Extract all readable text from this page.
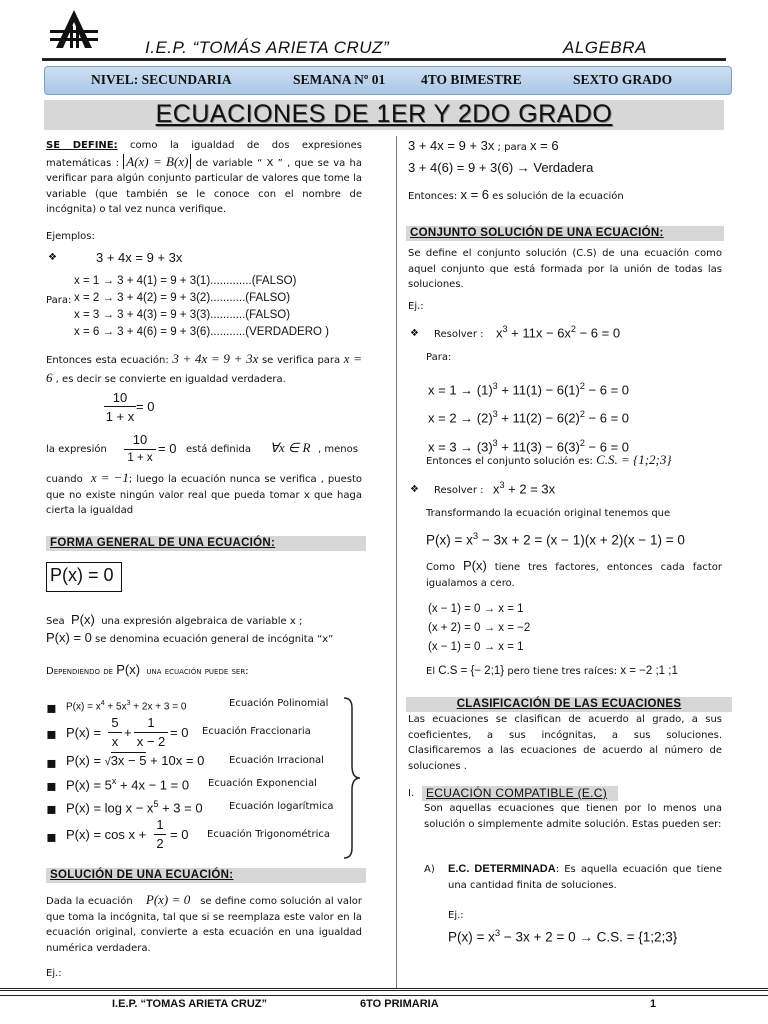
I.E.P. “TOMÁS ARIETA CRUZ”	ALGEBRA
NIVEL: SECUNDARIA	SEMANA Nº 01	4TO BIMESTRE	SEXTO GRADO
ECUACIONES DE 1ER Y 2DO GRADO
SE DEFINE: como la igualdad de dos expresiones matemáticas : A(x) = B(x) de variable “ X ” , que se va ha verificar para algún conjunto particular de valores que tome la variable (que también se le conoce con el nombre de incógnita) o tal vez nunca verifique.
Ejemplos:
❖	3 + 4x = 9 + 3x
Para:
x = 1 → 3 + 4(1) = 9 + 3(1).............(FALSO)
x = 2 → 3 + 4(2) = 9 + 3(2)...........(FALSO)
x = 3 → 3 + 4(3) = 9 + 3(3)...........(FALSO)
x = 6 → 3 + 4(6) = 9 + 3(6)...........(VERDADERO )
Entonces esta ecuación: 3 + 4x = 9 + 3x se verifica para x = 6 , es decir se convierte en igualdad verdadera.
10
1 + x
= 0
la expresión
10
1 + x
= 0 está definida ∀x ∈ R , menos
cuando x = −1; luego la ecuación nunca se verifica , puesto que no existe ningún valor real que pueda tomar x que haga cierta la igualdad
FORMA GENERAL DE UNA ECUACIÓN:
P(x) = 0
Sea P(x)  una expresión algebraica de variable x ;
P(x) = 0 se denomina ecuación general de incógnita “x”
Dependiendo de P(x) una ecuación puede ser:
▪ $P(x) = x^4 + 5x^3 + 2x + 3 = 0$	Ecuación Polinomial
▪ P(x) =
5
x
+
1
x − 2
= 0 Ecuación Fraccionaria
▪ P(x) = √3x − 5 + 10x = 0 Ecuación Irracional
▪ $P(x) = 5^x + 4x - 1 = 0$ Ecuación Exponencial
▪ $P(x) = \log x - x^5 + 3 = 0$	Ecuación logarítmica
▪ P(x) = cos x +
1
2
= 0 Ecuación Trigonométrica
SOLUCIÓN DE UNA ECUACIÓN:
Dada la ecuación P(x) = 0   se define como solución al valor que toma la incógnita, tal que si se reemplaza este valor en la ecuación original, convierte a esta ecuación en una igualdad numérica verdadera.
Ej.:
3 + 4x = 9 + 3x ; para x = 6
3 + 4(6) = 9 + 3(6) → Verdadera
Entonces: x = 6 es solución de la ecuación
CONJUNTO SOLUCIÓN DE UNA ECUACIÓN:
Se define el conjunto solución (C.S) de una ecuación como aquel conjunto que está formada por la unión de todas las soluciones.
Ej.:
❖ Resolver : $x^3 + 11x - 6x^2 - 6 = 0$
Para:
$x = 1 \to (1)^3 + 11(1) - 6(1)^2 - 6 = 0$
$x = 2 \to (2)^3 + 11(2) - 6(2)^2 - 6 = 0$
$x = 3 \to (3)^3 + 11(3) - 6(3)^2 - 6 = 0$
Entonces el conjunto solución es: C.S. = {1;2;3}
❖ Resolver : $x^3 + 2 = 3x$
Transformando la ecuación original tenemos que
$P(x) = x^3 - 3x + 2 = (x - 1)(x + 2)(x - 1) = 0$
Como P(x) tiene tres factores, entonces cada factor igualamos a cero.
(x − 1) = 0 → x = 1
(x + 2) = 0 → x = −2
(x − 1) = 0 → x = 1
El C.S = {− 2;1} pero tiene tres raíces: x = −2 ;1 ;1
CLASIFICACIÓN DE LAS ECUACIONES
Las ecuaciones se clasifican de acuerdo al grado, a sus coeficientes, a sus incógnitas, a sus soluciones. Clasificaremos a las ecuaciones de acuerdo al número de soluciones .
I. ECUACIÓN COMPATIBLE (E.C)
Son aquellas ecuaciones que tienen por lo menos una solución o simplemente admite solución. Estas pueden ser:
A) E.C. DETERMINADA: Es aquella ecuación que tiene una cantidad finita de soluciones.
Ej.:
$P(x) = x^3 - 3x + 2 = 0 \to C.S$. = {1;2;3}
I.E.P. “TOMAS ARIETA CRUZ”	6TO PRIMARIA	1
